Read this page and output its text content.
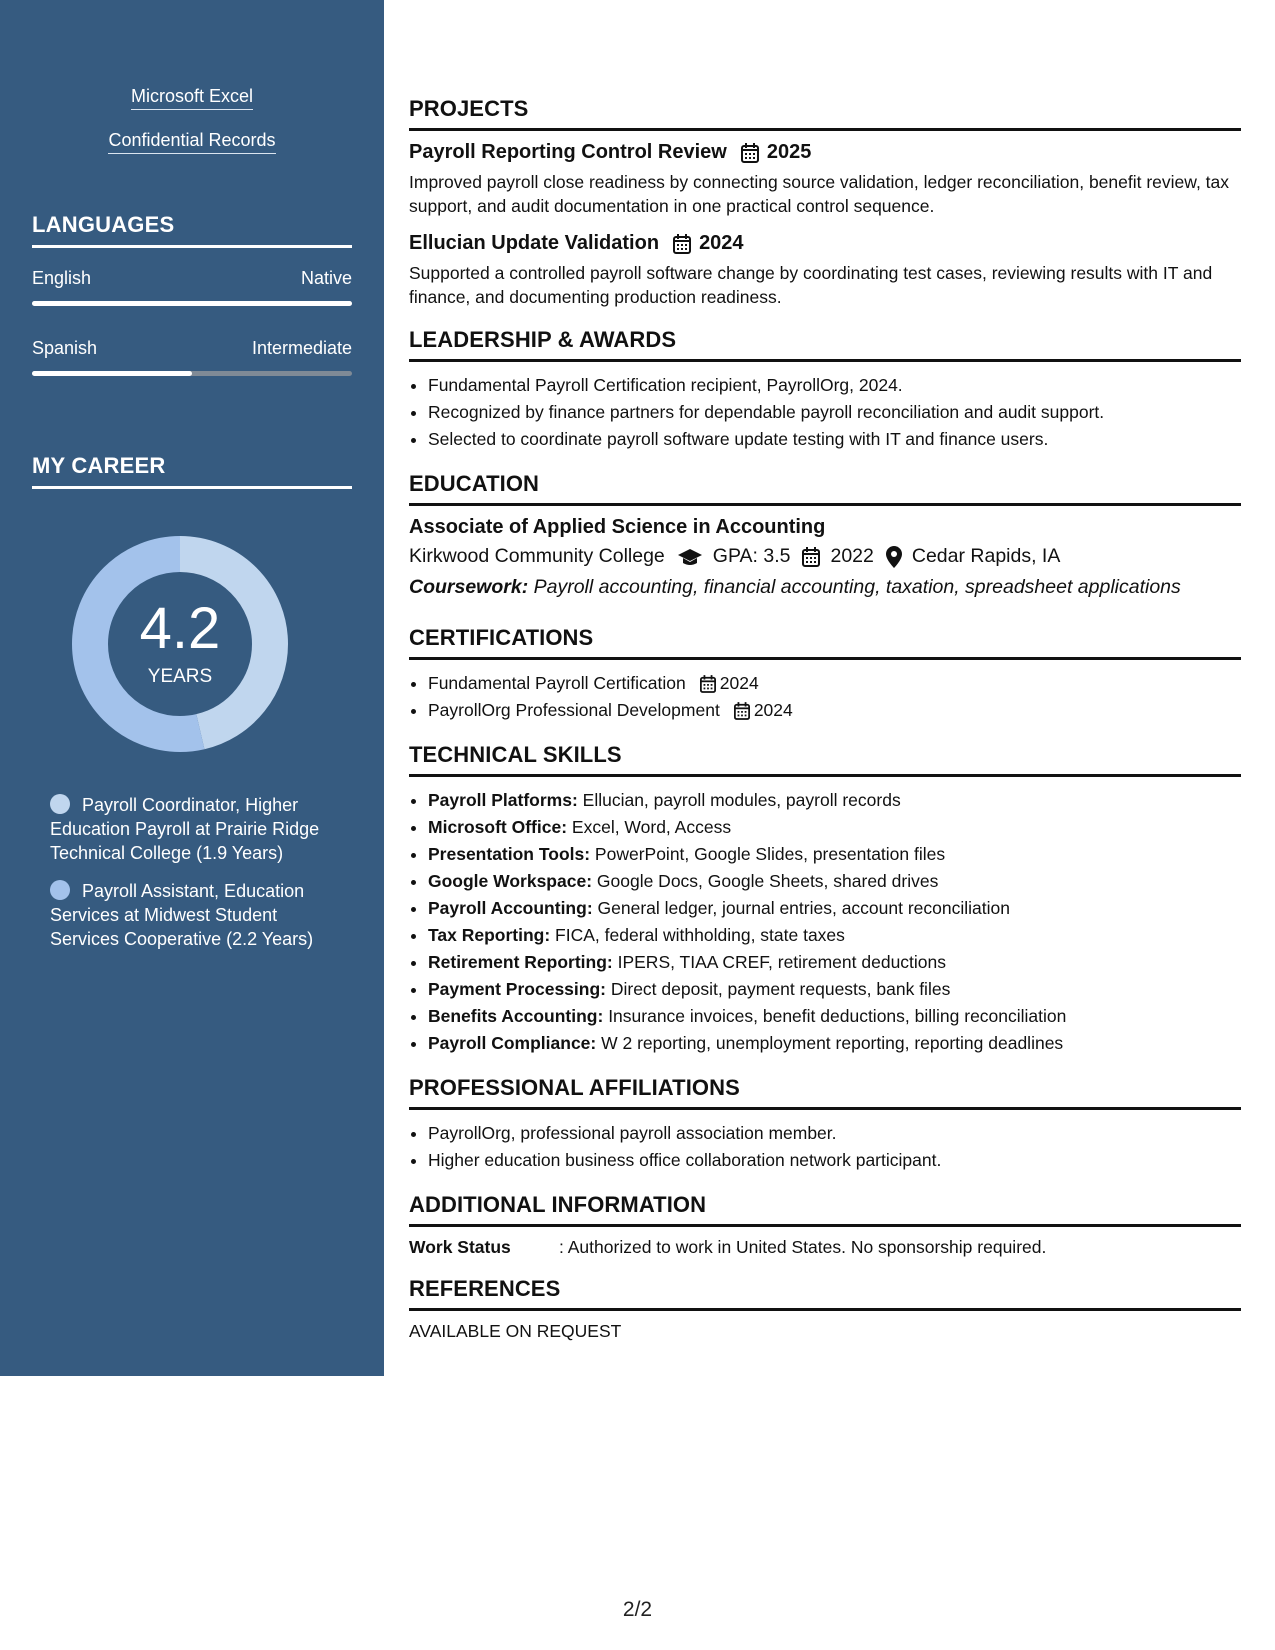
Microsoft Excel
Confidential Records
LANGUAGES
English	Native
Spanish	Intermediate
MY CAREER
4.2
YEARS
Payroll Coordinator, Higher Education Payroll at Prairie Ridge Technical College (1.9 Years)
Payroll Assistant, Education Services at Midwest Student Services Cooperative (2.2 Years)
PROJECTS
Payroll Reporting Control Review 2025
Improved payroll close readiness by connecting source validation, ledger reconciliation, benefit review, tax support, and audit documentation in one practical control sequence.
Ellucian Update Validation 2024
Supported a controlled payroll software change by coordinating test cases, reviewing results with IT and finance, and documenting production readiness.
LEADERSHIP & AWARDS
• Fundamental Payroll Certification recipient, PayrollOrg, 2024.
• Recognized by finance partners for dependable payroll reconciliation and audit support.
• Selected to coordinate payroll software update testing with IT and finance users.
EDUCATION
Associate of Applied Science in Accounting
Kirkwood Community College GPA: 3.5 2022 Cedar Rapids, IA
Coursework: Payroll accounting, financial accounting, taxation, spreadsheet applications
CERTIFICATIONS
• Fundamental Payroll Certification 2024
• PayrollOrg Professional Development 2024
TECHNICAL SKILLS
• Payroll Platforms: Ellucian, payroll modules, payroll records
• Microsoft Office: Excel, Word, Access
• Presentation Tools: PowerPoint, Google Slides, presentation files
• Google Workspace: Google Docs, Google Sheets, shared drives
• Payroll Accounting: General ledger, journal entries, account reconciliation
• Tax Reporting: FICA, federal withholding, state taxes
• Retirement Reporting: IPERS, TIAA CREF, retirement deductions
• Payment Processing: Direct deposit, payment requests, bank files
• Benefits Accounting: Insurance invoices, benefit deductions, billing reconciliation
• Payroll Compliance: W 2 reporting, unemployment reporting, reporting deadlines
PROFESSIONAL AFFILIATIONS
• PayrollOrg, professional payroll association member.
• Higher education business office collaboration network participant.
ADDITIONAL INFORMATION
Work Status	: Authorized to work in United States. No sponsorship required.
REFERENCES
AVAILABLE ON REQUEST
2/2
